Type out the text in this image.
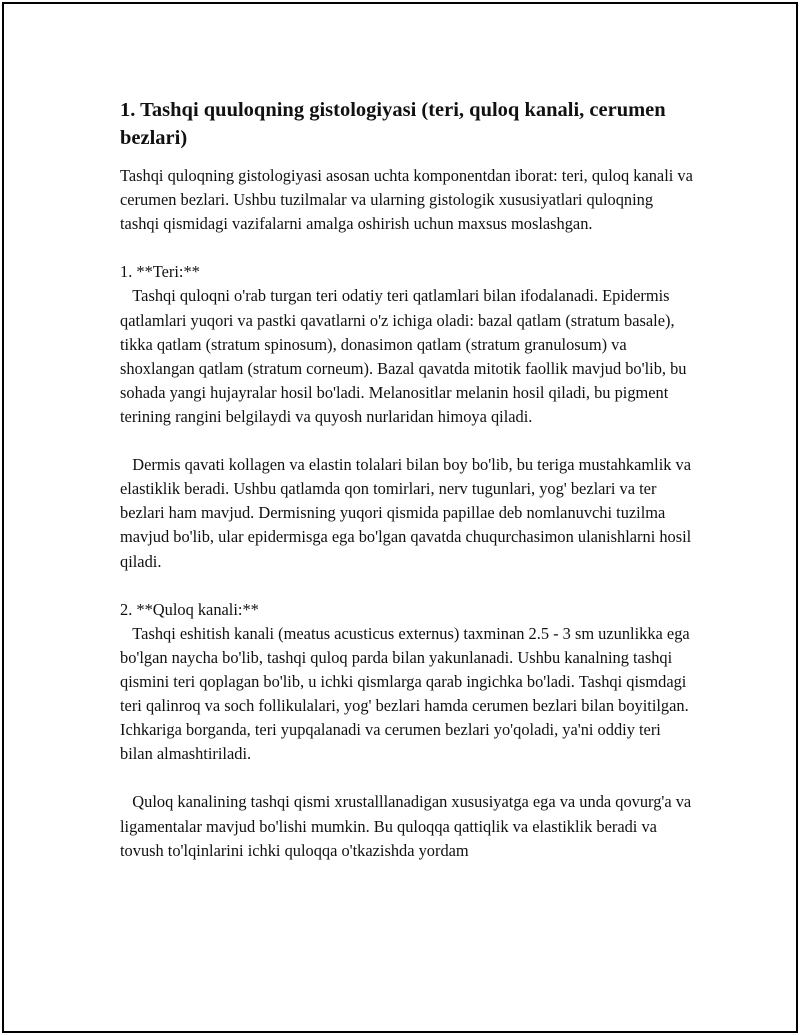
1. Tashqi quuloqning gistologiyasi (teri, quloq kanali, cerumen bezlari)

Tashqi quloqning gistologiyasi asosan uchta komponentdan iborat: teri, quloq kanali va cerumen bezlari. Ushbu tuzilmalar va ularning gistologik xususiyatlari quloqning tashqi qismidagi vazifalarni amalga oshirish uchun maxsus moslashgan.

1. **Teri:**

Tashqi quloqni o'rab turgan teri odatiy teri qatlamlari bilan ifodalanadi. Epidermis qatlamlari yuqori va pastki qavatlarni o'z ichiga oladi: bazal qatlam (stratum basale), tikka qatlam (stratum spinosum), donasimon qatlam (stratum granulosum) va shoxlangan qatlam (stratum corneum). Bazal qavatda mitotik faollik mavjud bo'lib, bu sohada yangi hujayralar hosil bo'ladi. Melanositlar melanin hosil qiladi, bu pigment terining rangini belgilaydi va quyosh nurlaridan himoya qiladi.

Dermis qavati kollagen va elastin tolalari bilan boy bo'lib, bu teriga mustahkamlik va elastiklik beradi. Ushbu qatlamda qon tomirlari, nerv tugunlari, yog' bezlari va ter bezlari ham mavjud. Dermisning yuqori qismida papillae deb nomlanuvchi tuzilma mavjud bo'lib, ular epidermisga ega bo'lgan qavatda chuqurchasimon ulanishlarni hosil qiladi.

2. **Quloq kanali:**

Tashqi eshitish kanali (meatus acusticus externus) taxminan 2.5 - 3 sm uzunlikka ega bo'lgan naycha bo'lib, tashqi quloq parda bilan yakunlanadi. Ushbu kanalning tashqi qismini teri qoplagan bo'lib, u ichki qismlarga qarab ingichka bo'ladi. Tashqi qismdagi teri qalinroq va soch follikulalari, yog' bezlari hamda cerumen bezlari bilan boyitilgan. Ichkariga borganda, teri yupqalanadi va cerumen bezlari yo'qoladi, ya'ni oddiy teri bilan almashtiriladi.

Quloq kanalining tashqi qismi xrustalllanadigan xususiyatga ega va unda qovurg'a va ligamentalar mavjud bo'lishi mumkin. Bu quloqqa qattiqlik va elastiklik beradi va tovush to'lqinlarini ichki quloqqa o'tkazishda yordam
